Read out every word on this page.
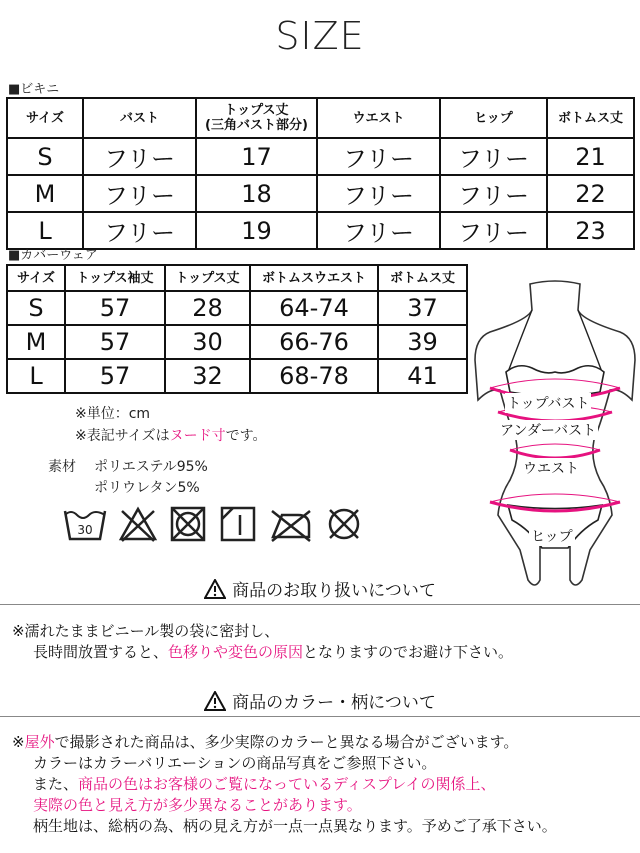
SIZE
■ビキニ
サイズ	バスト	トップス丈
(三角バスト部分)	ウエスト	ヒップ	ボトムス丈
S	フリー	17	フリー	フリー	21
M	フリー	18	フリー	フリー	22
L	フリー	19	フリー	フリー	23
■カバーウェア
サイズ	トップス袖丈	トップス丈	ボトムスウエスト	ボトムス丈
S	57	28	64-74	37
M	57	30	66-76	39
L	57	32	68-78	41
※単位：cm
※表記サイズはヌード寸です。
素材 ポリエステル95%
ポリウレタン5%
30
トップバスト
アンダーバスト
ウエスト
ヒップ
商品のお取り扱いについて
※濡れたままビニール製の袋に密封し、
長時間放置すると、色移りや変色の原因となりますのでお避け下さい。
商品のカラー・柄について
※屋外で撮影された商品は、多少実際のカラーと異なる場合がございます。
カラーはカラーバリエーションの商品写真をご参照下さい。
また、商品の色はお客様のご覧になっているディスプレイの関係上、
実際の色と見え方が多少異なることがあります。
柄生地は、総柄の為、柄の見え方が一点一点異なります。予めご了承下さい。
